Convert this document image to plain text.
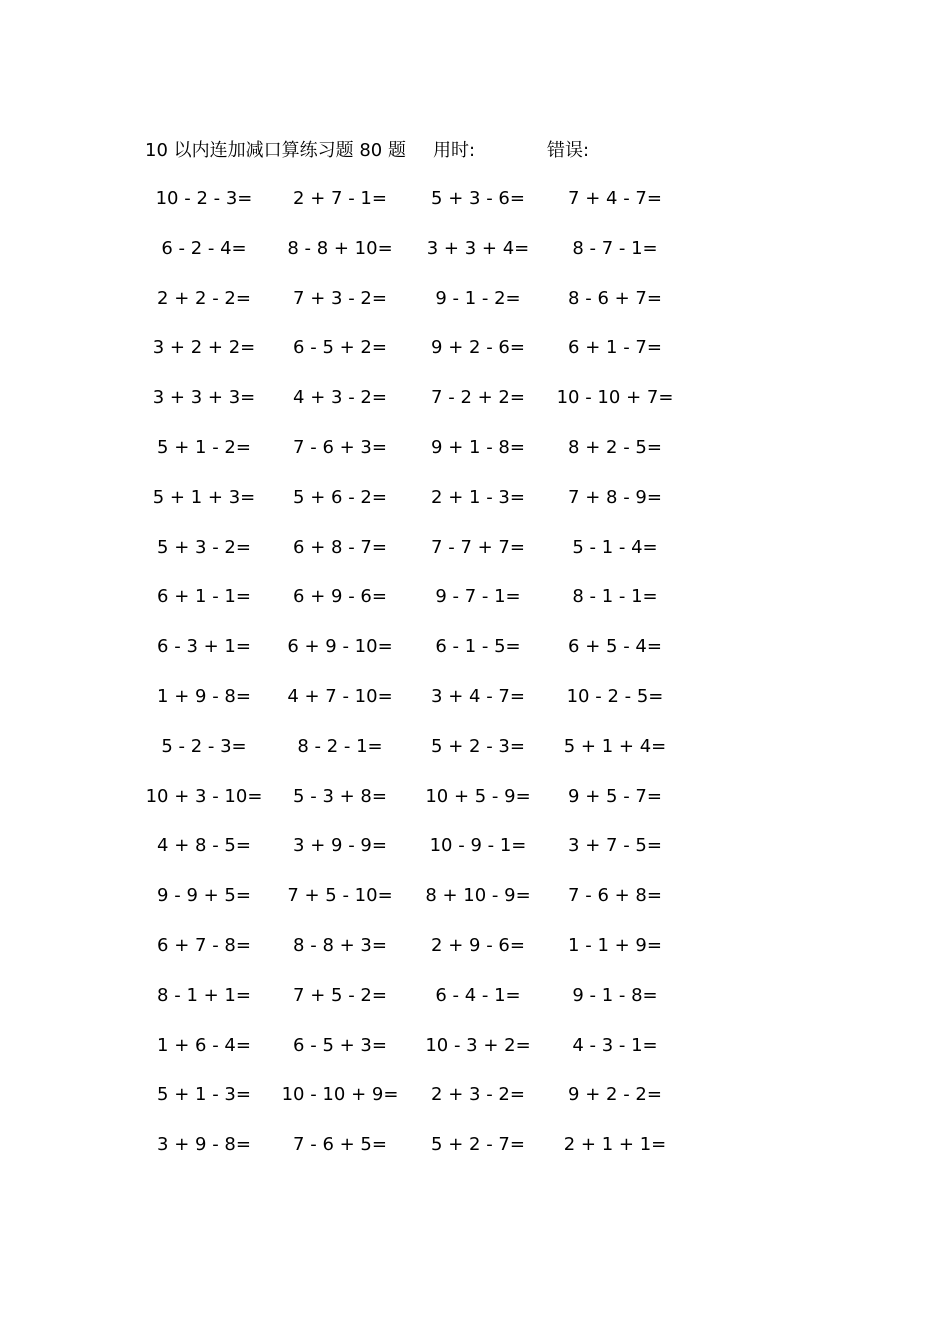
10 以内连加减口算练习题 80 题 用时:	错误:
10 - 2 - 3=	2 + 7 - 1=	5 + 3 - 6=	7 + 4 - 7=
6 - 2 - 4=	8 - 8 + 10=	3 + 3 + 4=	8 - 7 - 1=
2 + 2 - 2=	7 + 3 - 2=	9 - 1 - 2=	8 - 6 + 7=
3 + 2 + 2=	6 - 5 + 2=	9 + 2 - 6=	6 + 1 - 7=
3 + 3 + 3=	4 + 3 - 2=	7 - 2 + 2=	10 - 10 + 7=
5 + 1 - 2=	7 - 6 + 3=	9 + 1 - 8=	8 + 2 - 5=
5 + 1 + 3=	5 + 6 - 2=	2 + 1 - 3=	7 + 8 - 9=
5 + 3 - 2=	6 + 8 - 7=	7 - 7 + 7=	5 - 1 - 4=
6 + 1 - 1=	6 + 9 - 6=	9 - 7 - 1=	8 - 1 - 1=
6 - 3 + 1=	6 + 9 - 10=	6 - 1 - 5=	6 + 5 - 4=
1 + 9 - 8=	4 + 7 - 10=	3 + 4 - 7=	10 - 2 - 5=
5 - 2 - 3=	8 - 2 - 1=	5 + 2 - 3=	5 + 1 + 4=
10 + 3 - 10=	5 - 3 + 8=	10 + 5 - 9=	9 + 5 - 7=
4 + 8 - 5=	3 + 9 - 9=	10 - 9 - 1=	3 + 7 - 5=
9 - 9 + 5=	7 + 5 - 10=	8 + 10 - 9=	7 - 6 + 8=
6 + 7 - 8=	8 - 8 + 3=	2 + 9 - 6=	1 - 1 + 9=
8 - 1 + 1=	7 + 5 - 2=	6 - 4 - 1=	9 - 1 - 8=
1 + 6 - 4=	6 - 5 + 3=	10 - 3 + 2=	4 - 3 - 1=
5 + 1 - 3=	10 - 10 + 9=	2 + 3 - 2=	9 + 2 - 2=
3 + 9 - 8=	7 - 6 + 5=	5 + 2 - 7=	2 + 1 + 1=
